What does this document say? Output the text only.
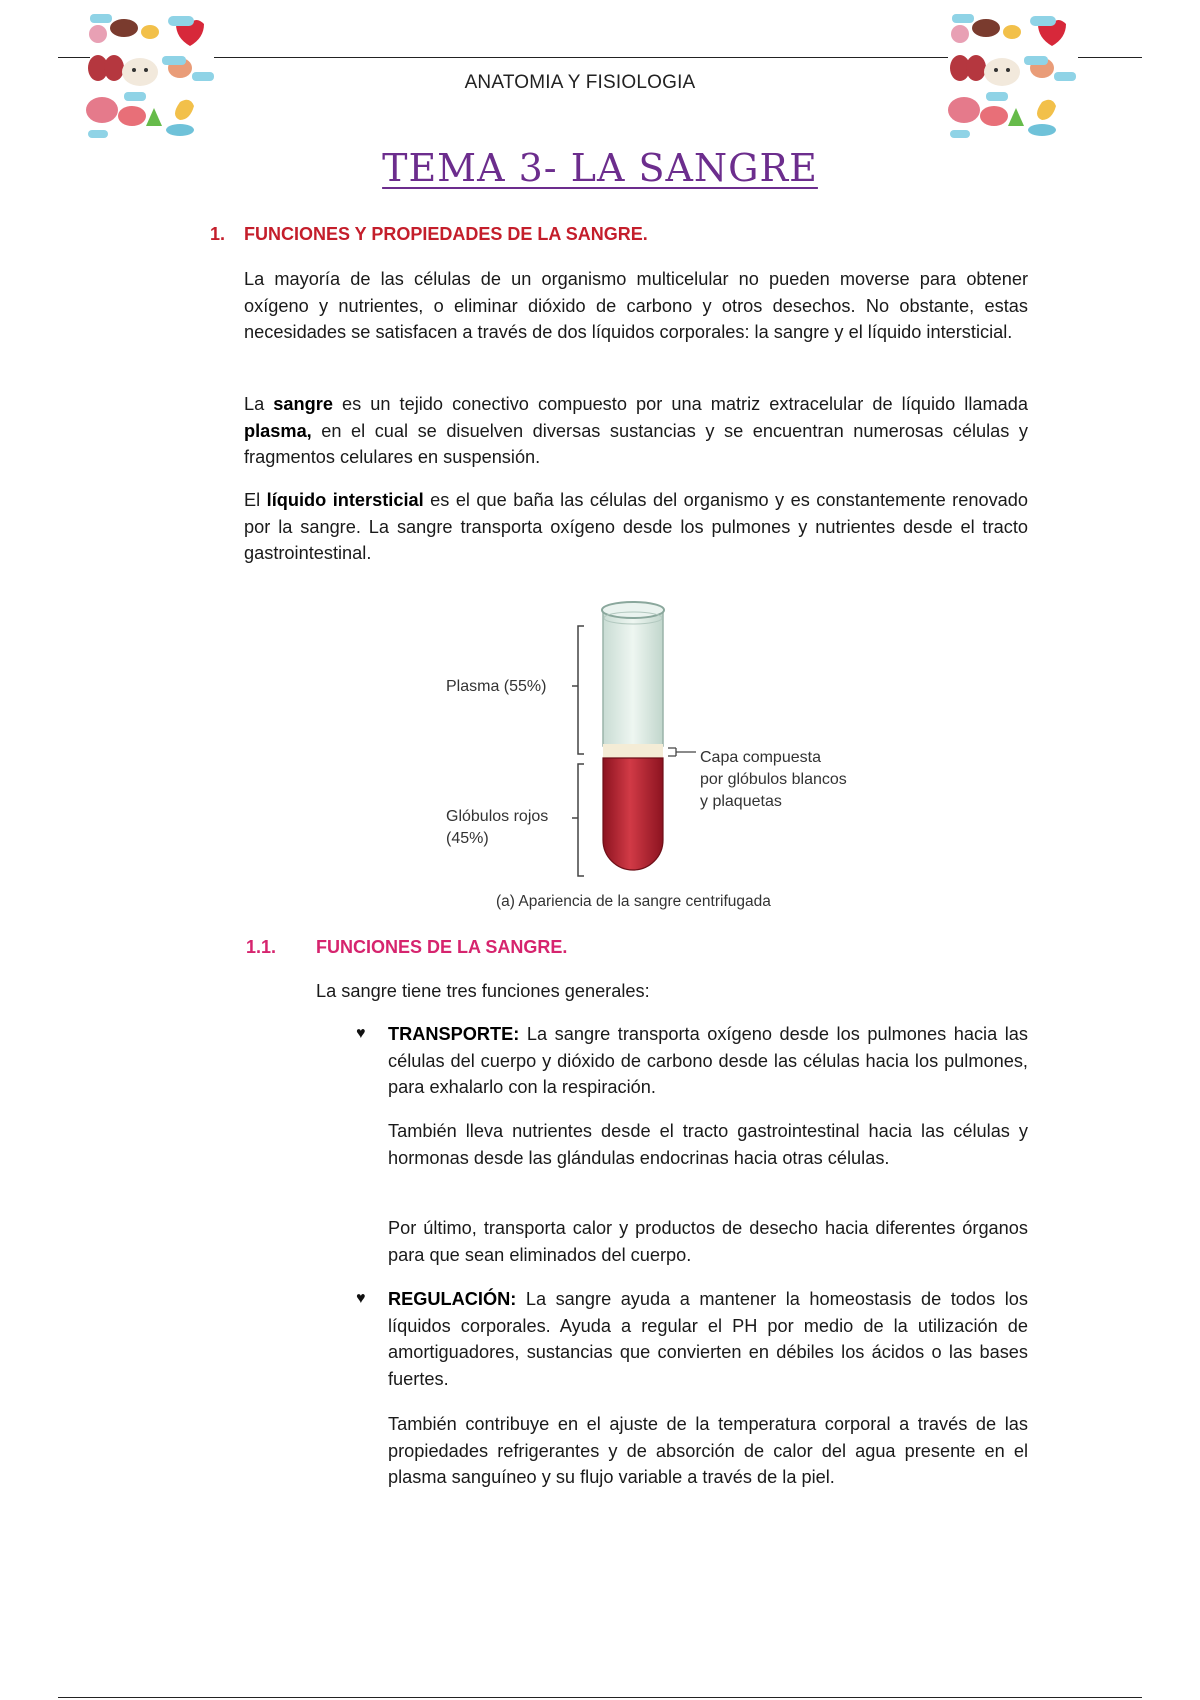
ANATOMIA Y FISIOLOGIA
TEMA 3- LA SANGRE
1. FUNCIONES Y PROPIEDADES DE LA SANGRE.
La mayoría de las células de un organismo multicelular no pueden moverse para obtener oxígeno y nutrientes, o eliminar dióxido de carbono y otros desechos. No obstante, estas necesidades se satisfacen a través de dos líquidos corporales: la sangre y el líquido intersticial.
La sangre es un tejido conectivo compuesto por una matriz extracelular de líquido llamada plasma, en el cual se disuelven diversas sustancias y se encuentran numerosas células y fragmentos celulares en suspensión.
El líquido intersticial es el que baña las células del organismo y es constantemente renovado por la sangre. La sangre transporta oxígeno desde los pulmones y nutrientes desde el tracto gastrointestinal.
Plasma (55%)
Glóbulos rojos
(45%)
Capa compuesta
por glóbulos blancos
y plaquetas
(a) Apariencia de la sangre centrifugada
1.1. FUNCIONES DE LA SANGRE.
La sangre tiene tres funciones generales:
♥ TRANSPORTE: La sangre transporta oxígeno desde los pulmones hacia las células del cuerpo y dióxido de carbono desde las células hacia los pulmones, para exhalarlo con la respiración.
También lleva nutrientes desde el tracto gastrointestinal hacia las células y hormonas desde las glándulas endocrinas hacia otras células.
Por último, transporta calor y productos de desecho hacia diferentes órganos para que sean eliminados del cuerpo.
♥ REGULACIÓN: La sangre ayuda a mantener la homeostasis de todos los líquidos corporales. Ayuda a regular el PH por medio de la utilización de amortiguadores, sustancias que convierten en débiles los ácidos o las bases fuertes.
También contribuye en el ajuste de la temperatura corporal a través de las propiedades refrigerantes y de absorción de calor del agua presente en el plasma sanguíneo y su flujo variable a través de la piel.
